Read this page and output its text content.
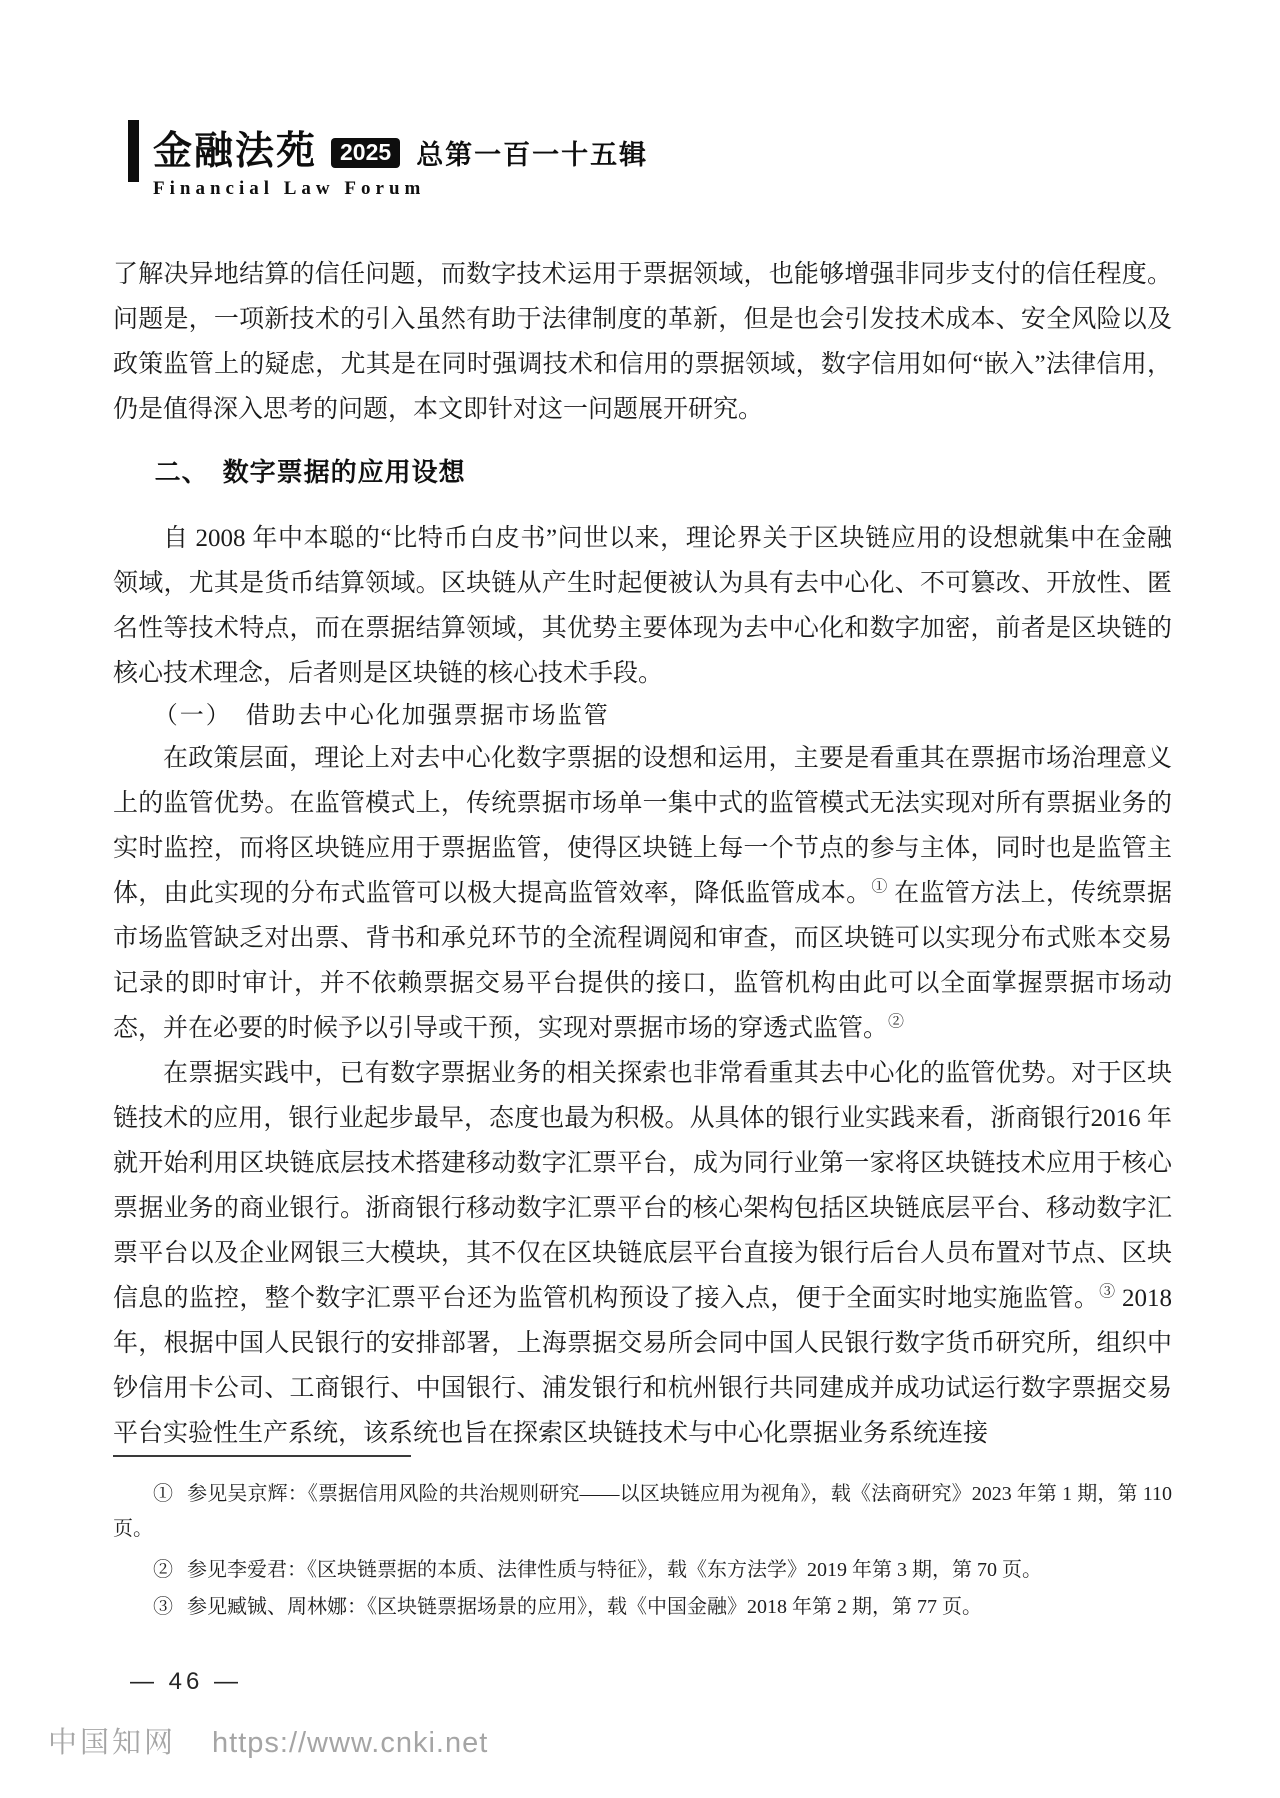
金融法苑	2025 总第一百一十五辑
Financial Law Forum

了解决异地结算的信任问题，而数字技术运用于票据领域，也能够增强非同步支付的信任程度。问题是，一项新技术的引入虽然有助于法律制度的革新，但是也会引发技术成本、安全风险以及政策监管上的疑虑，尤其是在同时强调技术和信用的票据领域，数字信用如何“嵌入”法律信用，仍是值得深入思考的问题，本文即针对这一问题展开研究。

二、　数字票据的应用设想

自 2008 年中本聪的“比特币白皮书”问世以来，理论界关于区块链应用的设想就集中在金融领域，尤其是货币结算领域。区块链从产生时起便被认为具有去中心化、不可篡改、开放性、匿名性等技术特点，而在票据结算领域，其优势主要体现为去中心化和数字加密，前者是区块链的核心技术理念，后者则是区块链的核心技术手段。

（一）　借助去中心化加强票据市场监管

在政策层面，理论上对去中心化数字票据的设想和运用，主要是看重其在票据市场治理意义上的监管优势。在监管模式上，传统票据市场单一集中式的监管模式无法实现对所有票据业务的实时监控，而将区块链应用于票据监管，使得区块链上每一个节点的参与主体，同时也是监管主体，由此实现的分布式监管可以极大提高监管效率，降低监管成本。① 在监管方法上，传统票据市场监管缺乏对出票、背书和承兑环节的全流程调阅和审查，而区块链可以实现分布式账本交易记录的即时审计，并不依赖票据交易平台提供的接口，监管机构由此可以全面掌握票据市场动态，并在必要的时候予以引导或干预，实现对票据市场的穿透式监管。②

在票据实践中，已有数字票据业务的相关探索也非常看重其去中心化的监管优势。对于区块链技术的应用，银行业起步最早，态度也最为积极。从具体的银行业实践来看，浙商银行2016 年就开始利用区块链底层技术搭建移动数字汇票平台，成为同行业第一家将区块链技术应用于核心票据业务的商业银行。浙商银行移动数字汇票平台的核心架构包括区块链底层平台、移动数字汇票平台以及企业网银三大模块，其不仅在区块链底层平台直接为银行后台人员布置对节点、区块信息的监控，整个数字汇票平台还为监管机构预设了接入点，便于全面实时地实施监管。③ 2018 年，根据中国人民银行的安排部署，上海票据交易所会同中国人民银行数字货币研究所，组织中钞信用卡公司、工商银行、中国银行、浦发银行和杭州银行共同建成并成功试运行数字票据交易平台实验性生产系统，该系统也旨在探索区块链技术与中心化票据业务系统连接

① 参见吴京辉：《票据信用风险的共治规则研究——以区块链应用为视角》，载《法商研究》2023 年第 1 期，第 110 页。

② 参见李爱君：《区块链票据的本质、法律性质与特征》，载《东方法学》2019 年第 3 期，第 70 页。

③ 参见臧铖、周林娜：《区块链票据场景的应用》，载《中国金融》2018 年第 2 期，第 77 页。

— 46 —
中国知网 https://www.cnki.net
